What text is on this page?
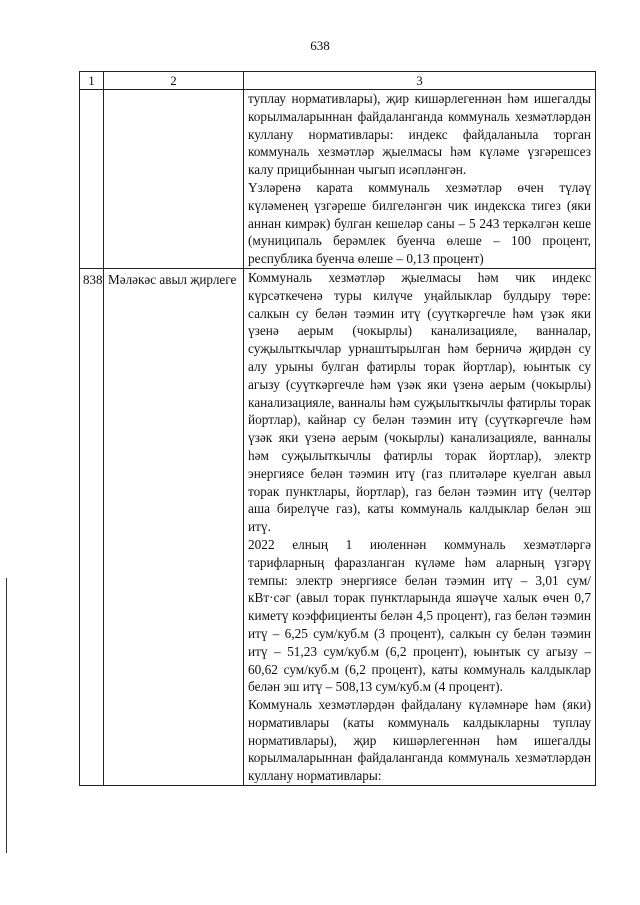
638
1	2	3

		туплау нормативлары), җир кишәрлегеннән һәм ишегалды корылмаларыннан файдаланганда коммуналь хезмәтләрдән куллану нормативлары: индекс файдаланыла торган коммуналь хезмәтләр җыелмасы һәм күләме үзгәрешсез калу прицибыннан чыгып исәпләнгән.

Үзләренә карата коммуналь хезмәтләр өчен түләү күләменең үзгәреше билгеләнгән чик индекска тигез (яки аннан кимрәк) булган кешеләр саны – 5 243 теркәлгән кеше (муниципаль берәмлек буенча өлеше – 100 процент, республика буенча өлеше – 0,13 процент)

838	Мәләкәс авыл җирлеге	Коммуналь хезмәтләр җыелмасы һәм чик индекс күрсәткеченә туры килүче уңайлыклар булдыру төре: салкын су белән тәэмин итү (суүткәргечле һәм үзәк яки үзенә аерым (чокырлы) канализацияле, ванналар, суҗылыткычлар урнаштырылган һәм берничә җирдән су алу урыны булган фатирлы торак йортлар), юынтык су агызу (суүткәргечле һәм үзәк яки үзенә аерым (чокырлы) канализацияле, ванналы һәм суҗылыткычлы фатирлы торак йортлар), кайнар су белән тәэмин итү (суүткәргечле һәм үзәк яки үзенә аерым (чокырлы) канализацияле, ванналы һәм суҗылыткычлы фатирлы торак йортлар), электр энергиясе белән тәэмин итү (газ плитәләре куелган авыл торак пунктлары, йортлар), газ белән тәэмин итү (челтәр аша бирелүче газ), каты коммуналь калдыклар белән эш итү.

2022 елның 1 июленнән коммуналь хезмәтләргә тарифларның фаразланган күләме һәм аларның үзгәрү темпы: электр энергиясе белән тәэмин итү – 3,01 сум/кВт·сәг (авыл торак пунктларында яшәүче халык өчен 0,7 киметү коэффициенты белән 4,5 процент), газ белән тәэмин итү – 6,25 сум/куб.м (3 процент), салкын су белән тәэмин итү – 51,23 сум/куб.м (6,2 процент), юынтык су агызу – 60,62 сум/куб.м (6,2 процент), каты коммуналь калдыклар белән эш итү – 508,13 сум/куб.м (4 процент).

Коммуналь хезмәтләрдән файдалану күләмнәре һәм (яки) нормативлары (каты коммуналь калдыкларны туплау нормативлары), җир кишәрлегеннән һәм ишегалды корылмаларыннан файдаланганда коммуналь хезмәтләрдән куллану нормативлары:
